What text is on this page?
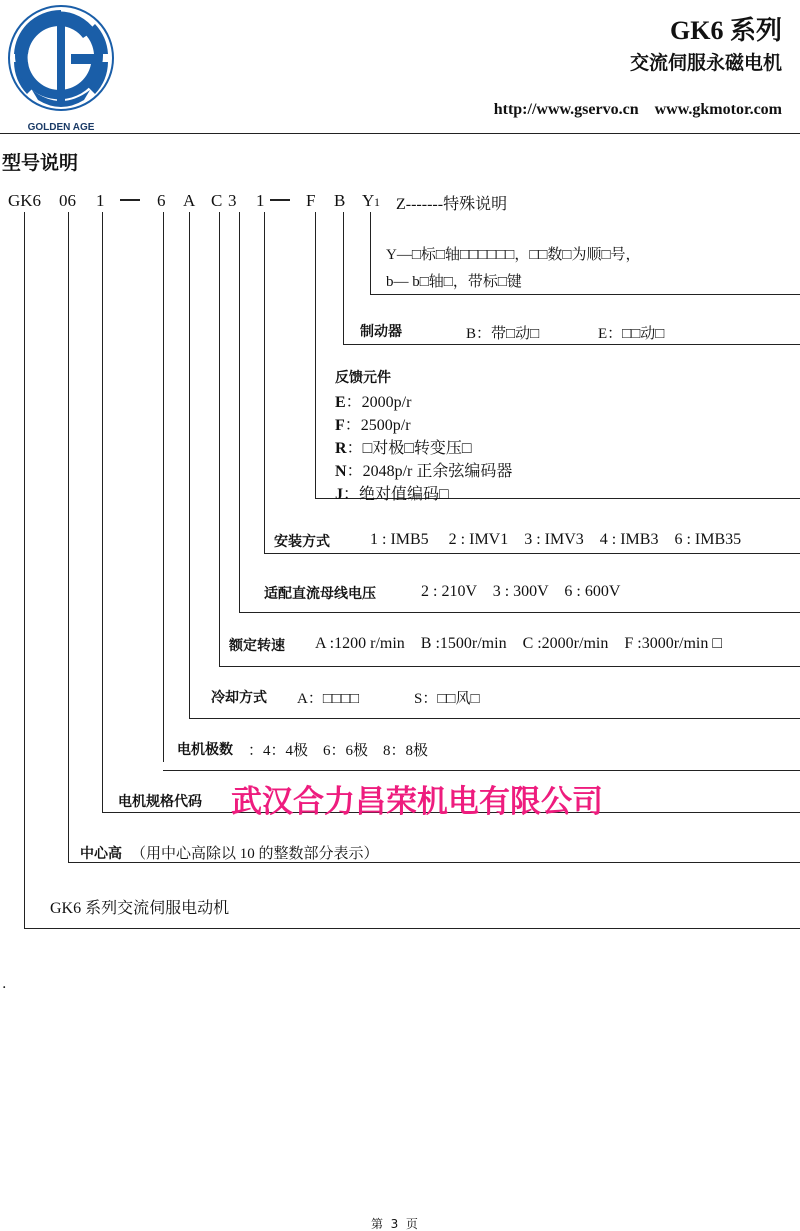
GOLDEN AGE
GK6 系列
交流伺服永磁电机
http://www.gservo.cn    www.gkmotor.com
型号说明
GK6 06 1	6 A C 3 1 F B Y 1 Z-------特殊说明
Y—□标□轴□□□□□□，□□数□为顺□号，
b— b□轴□，带标□键
制动器	B：带□动□	E：□□动□
反馈元件
E：2000p/r
F：2500p/r
R：□对极□转变压□
N：2048p/r 正余弦编码器
J：绝对值编码□
安装方式	1 : IMB5     2 : IMV1    3 : IMV3    4 : IMB3    6 : IMB35
适配直流母线电压	2 : 210V    3 : 300V    6 : 600V
额定转速 A :1200 r/min    B :1500r/min    C :2000r/min    F :3000r/min □
冷却方式 A：□□□□	S：□□风□
电机极数 ：4：4极    6：6极    8：8极
电机规格代码 武汉合力昌荣机电有限公司
中心高 （用中心高除以 10 的整数部分表示）
GK6 系列交流伺服电动机
.
第  3  页
